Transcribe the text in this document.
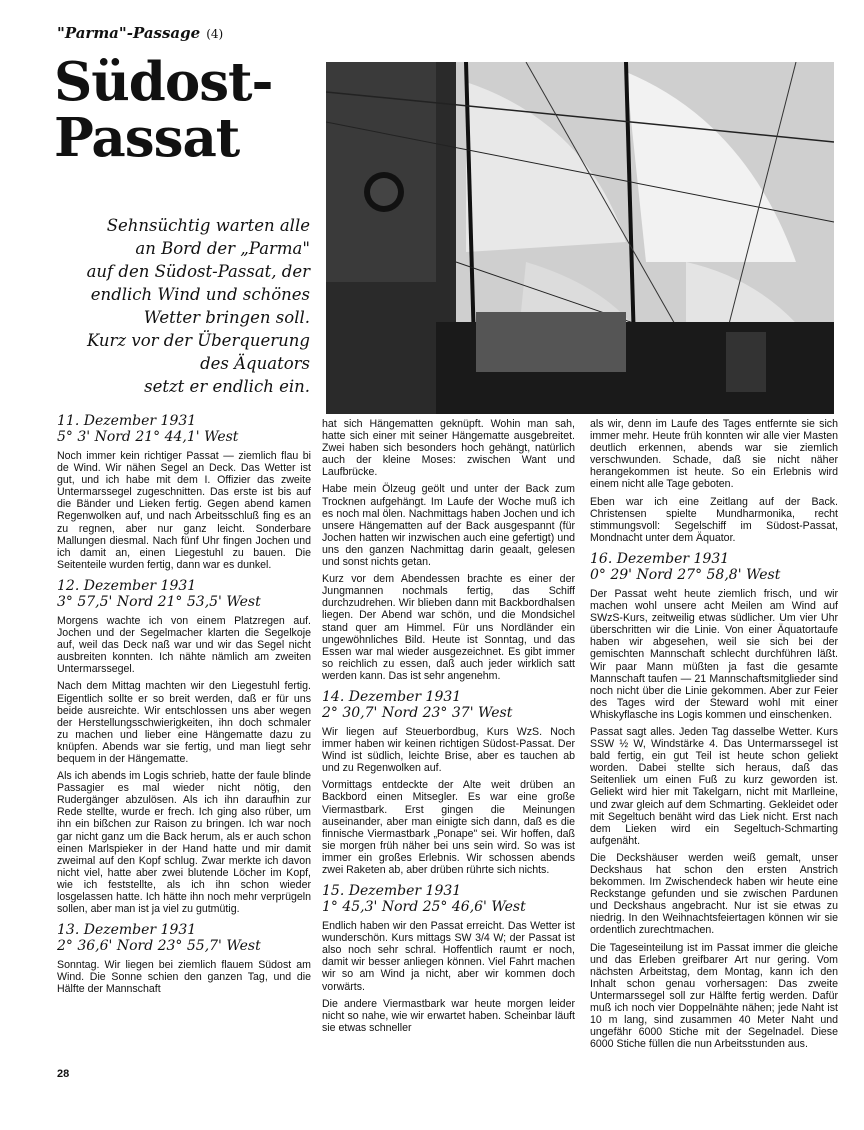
"Parma"-Passage (4)
Südost-
Passat
Sehnsüchtig warten alle
an Bord der „Parma"
auf den Südost-Passat, der
endlich Wind und schönes
Wetter bringen soll.
Kurz vor der Überquerung
des Äquators
setzt er endlich ein.
11. Dezember 1931
5° 3' Nord 21° 44,1' West

Noch immer kein richtiger Passat — ziemlich flau bi de Wind. Wir nähen Segel an Deck. Das Wetter ist gut, und ich habe mit dem I. Offizier das zweite Untermarssegel zugeschnitten. Das erste ist bis auf die Bänder und Lieken fertig. Gegen abend kamen Regenwolken auf, und nach Arbeitsschluß fing es an zu regnen, aber nur ganz leicht. Sonderbare Mallungen diesmal. Nach fünf Uhr fingen Jochen und ich damit an, einen Liegestuhl zu bauen. Die Seitenteile wurden fertig, dann war es dunkel.

12. Dezember 1931
3° 57,5' Nord 21° 53,5' West

Morgens wachte ich von einem Platzregen auf. Jochen und der Segelmacher klarten die Segelkoje auf, weil das Deck naß war und wir das Segel nicht ausbreiten konnten. Ich nähte nämlich am zweiten Untermarssegel.

Nach dem Mittag machten wir den Liegestuhl fertig. Eigentlich sollte er so breit werden, daß er für uns beide ausreichte. Wir entschlossen uns aber wegen der Herstellungsschwierigkeiten, ihn doch schmaler zu machen und lieber eine Hängematte dazu zu knüpfen. Abends war sie fertig, und man liegt sehr bequem in der Hängematte.

Als ich abends im Logis schrieb, hatte der faule blinde Passagier es mal wieder nicht nötig, den Rudergänger abzulösen. Als ich ihn daraufhin zur Rede stellte, wurde er frech. Ich ging also rüber, um ihn ein bißchen zur Raison zu bringen. Ich war noch gar nicht ganz um die Back herum, als er auch schon einen Marlspieker in der Hand hatte und mir damit zweimal auf den Kopf schlug. Zwar merkte ich davon nicht viel, hatte aber zwei blutende Löcher im Kopf, wie ich feststellte, als ich ihn schon wieder losgelassen hatte. Ich hätte ihn noch mehr verprügeln sollen, aber man ist ja viel zu gutmütig.

13. Dezember 1931
2° 36,6' Nord 23° 55,7' West

Sonntag. Wir liegen bei ziemlich flauem Südost am Wind. Die Sonne schien den ganzen Tag, und die Hälfte der Mannschaft

hat sich Hängematten geknüpft. Wohin man sah, hatte sich einer mit seiner Hängematte ausgebreitet. Zwei haben sich besonders hoch gehängt, natürlich auch der kleine Moses: zwischen Want und Laufbrücke.

Habe mein Ölzeug geölt und unter der Back zum Trocknen aufgehängt. Im Laufe der Woche muß ich es noch mal ölen. Nachmittags haben Jochen und ich unsere Hängematten auf der Back ausgespannt (für Jochen hatten wir inzwischen auch eine gefertigt) und uns den ganzen Nachmittag darin geaalt, gelesen und sonst nichts getan.

Kurz vor dem Abendessen brachte es einer der Jungmannen nochmals fertig, das Schiff durchzudrehen. Wir blieben dann mit Backbordhalsen liegen. Der Abend war schön, und die Mondsichel stand quer am Himmel. Für uns Nordländer ein ungewöhnliches Bild. Heute ist Sonntag, und das Essen war mal wieder ausgezeichnet. Es gibt immer so reichlich zu essen, daß auch jeder wirklich satt werden kann. Das ist sehr angenehm.

14. Dezember 1931
2° 30,7' Nord 23° 37' West

Wir liegen auf Steuerbordbug, Kurs WzS. Noch immer haben wir keinen richtigen Südost-Passat. Der Wind ist südlich, leichte Brise, aber es tauchen ab und zu Regenwolken auf.

Vormittags entdeckte der Alte weit drüben an Backbord einen Mitsegler. Es war eine große Viermastbark. Erst gingen die Meinungen auseinander, aber man einigte sich dann, daß es die finnische Viermastbark „Ponape" sei. Wir hoffen, daß sie morgen früh näher bei uns sein wird. So was ist immer ein großes Erlebnis. Wir schossen abends zwei Raketen ab, aber drüben rührte sich nichts.

15. Dezember 1931
1° 45,3' Nord 25° 46,6' West

Endlich haben wir den Passat erreicht. Das Wetter ist wunderschön. Kurs mittags SW 3/4 W; der Passat ist also noch sehr schral. Hoffentlich raumt er noch, damit wir besser anliegen können. Viel Fahrt machen wir so am Wind ja nicht, aber wir kommen doch vorwärts.

Die andere Viermastbark war heute morgen leider nicht so nahe, wie wir erwartet haben. Scheinbar läuft sie etwas schneller

als wir, denn im Laufe des Tages entfernte sie sich immer mehr. Heute früh konnten wir alle vier Masten deutlich erkennen, abends war sie ziemlich verschwunden. Schade, daß sie nicht näher herangekommen ist heute. So ein Erlebnis wird einem nicht alle Tage geboten.

Eben war ich eine Zeitlang auf der Back. Christensen spielte Mundharmonika, recht stimmungsvoll: Segelschiff im Südost-Passat, Mondnacht unter dem Äquator.

16. Dezember 1931
0° 29' Nord 27° 58,8' West

Der Passat weht heute ziemlich frisch, und wir machen wohl unsere acht Meilen am Wind auf SWzS-Kurs, zeitweilig etwas südlicher. Um vier Uhr überschritten wir die Linie. Von einer Äquatortaufe haben wir abgesehen, weil sie sich bei der gemischten Mannschaft schlecht durchführen läßt. Wir paar Mann müßten ja fast die gesamte Mannschaft taufen — 21 Mannschaftsmitglieder sind noch nicht über die Linie gekommen. Aber zur Feier des Tages wird der Steward wohl mit einer Whiskyflasche ins Logis kommen und einschenken.

Passat sagt alles. Jeden Tag dasselbe Wetter. Kurs SSW ½ W, Windstärke 4. Das Untermarssegel ist bald fertig, ein gut Teil ist heute schon geliekt worden. Dabei stellte sich heraus, daß das Seitenliek um einen Fuß zu kurz geworden ist. Geliekt wird hier mit Takelgarn, nicht mit Marlleine, und zwar gleich auf dem Schmarting. Gekleidet oder mit Segeltuch benäht wird das Liek nicht. Erst nach dem Lieken wird ein Segeltuch-Schmarting aufgenäht.

Die Deckshäuser werden weiß gemalt, unser Deckshaus hat schon den ersten Anstrich bekommen. Im Zwischendeck haben wir heute eine Reckstange gefunden und sie zwischen Pardunen und Deckshaus angebracht. Nur ist sie etwas zu niedrig. In den Weihnachtsfeiertagen können wir sie ordentlich zurechtmachen.

Die Tageseinteilung ist im Passat immer die gleiche und das Erleben greifbarer Art nur gering. Vom nächsten Arbeitstag, dem Montag, kann ich den Inhalt schon genau vorhersagen: Das zweite Untermarssegel soll zur Hälfte fertig werden. Dafür muß ich noch vier Doppelnähte nähen; jede Naht ist 10 m lang, sind zusammen 40 Meter Naht und ungefähr 6000 Stiche mit der Segelnadel. Diese 6000 Stiche füllen die nun Arbeitsstunden aus.

28
